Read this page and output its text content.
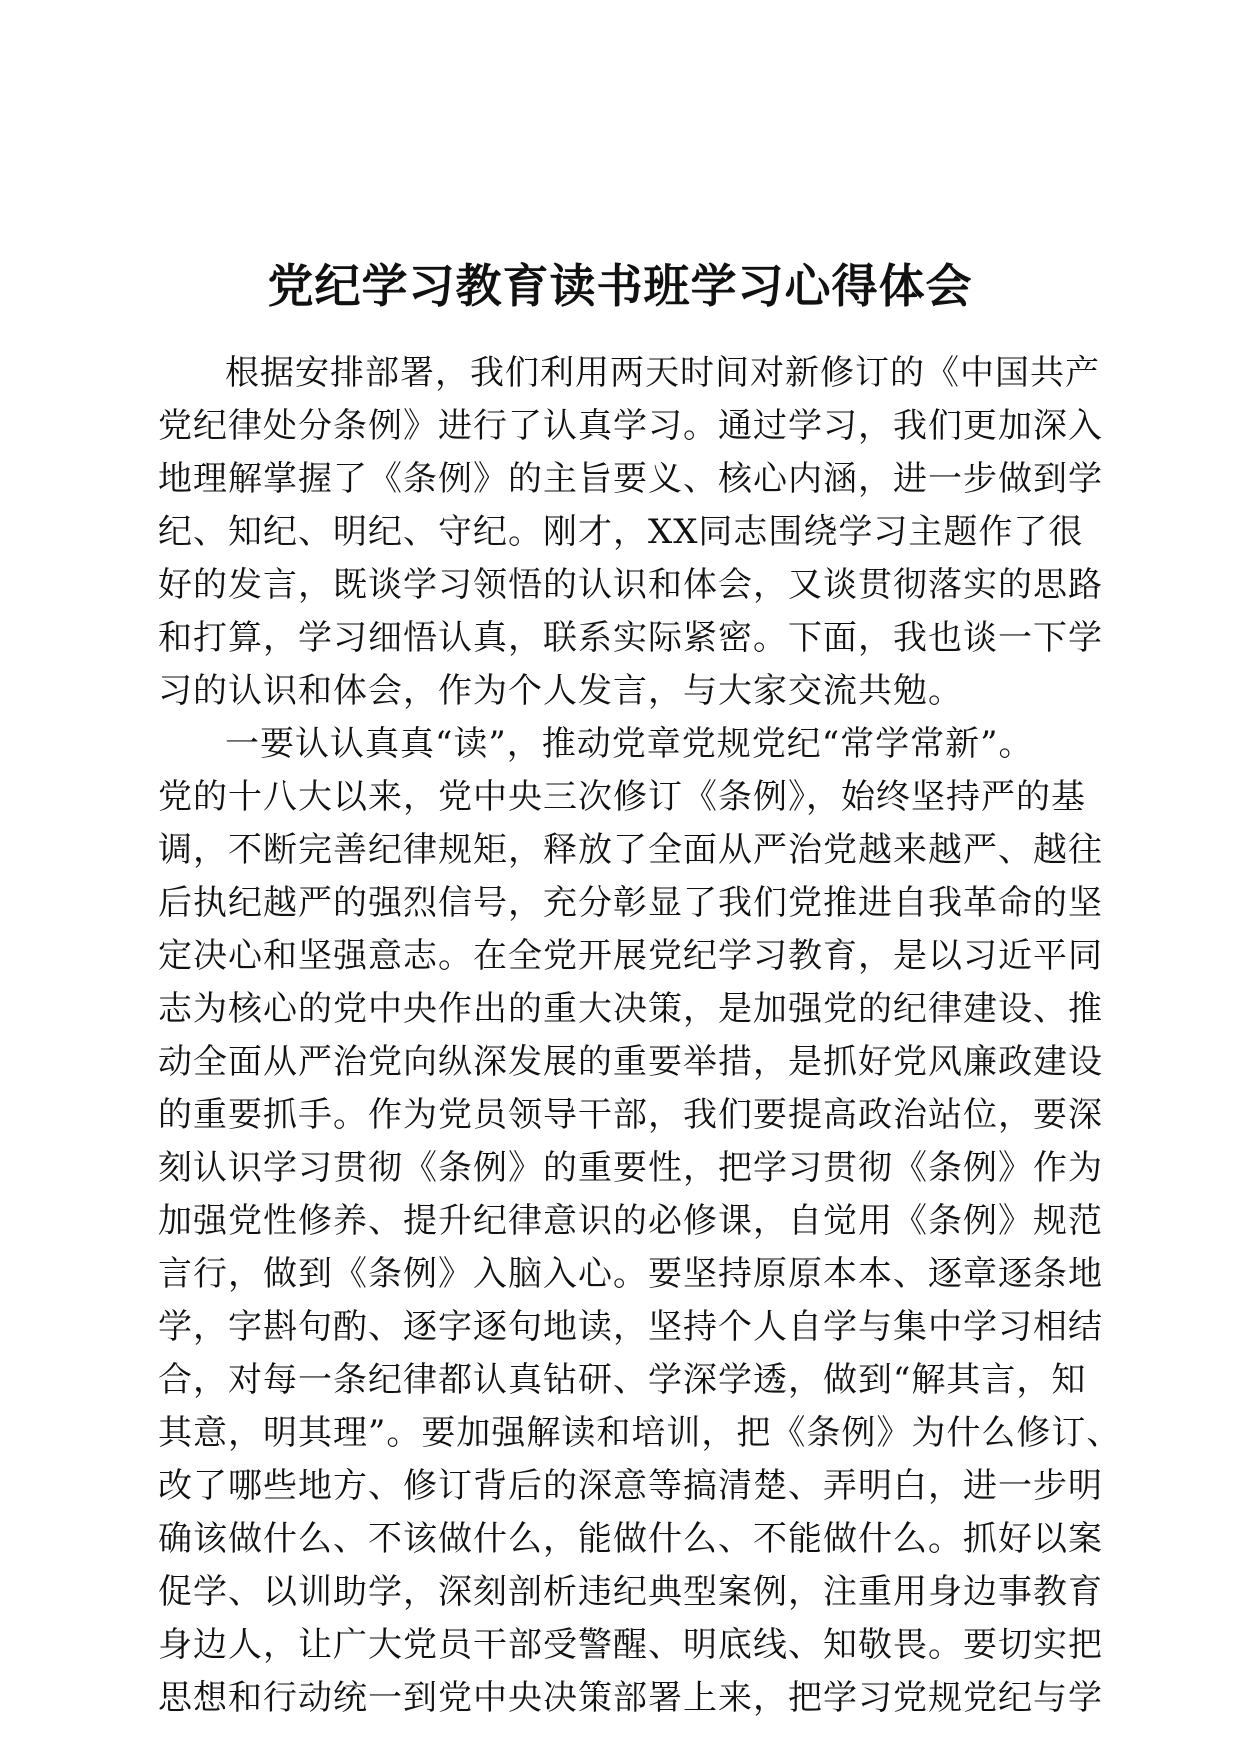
党纪学习教育读书班学习心得体会

根据安排部署，我们利用两天时间对新修订的《中国共产

党纪律处分条例》进行了认真学习。通过学习，我们更加深入

地理解掌握了《条例》的主旨要义、核心内涵，进一步做到学

纪、知纪、明纪、守纪。刚才，XX同志围绕学习主题作了很

好的发言，既谈学习领悟的认识和体会，又谈贯彻落实的思路

和打算，学习细悟认真，联系实际紧密。下面，我也谈一下学

习的认识和体会，作为个人发言，与大家交流共勉。

一要认认真真“读”，推动党章党规党纪“常学常新”。

党的十八大以来，党中央三次修订《条例》，始终坚持严的基

调，不断完善纪律规矩，释放了全面从严治党越来越严、越往

后执纪越严的强烈信号，充分彰显了我们党推进自我革命的坚

定决心和坚强意志。在全党开展党纪学习教育，是以习近平同

志为核心的党中央作出的重大决策，是加强党的纪律建设、推

动全面从严治党向纵深发展的重要举措，是抓好党风廉政建设

的重要抓手。作为党员领导干部，我们要提高政治站位，要深

刻认识学习贯彻《条例》的重要性，把学习贯彻《条例》作为

加强党性修养、提升纪律意识的必修课，自觉用《条例》规范

言行，做到《条例》入脑入心。要坚持原原本本、逐章逐条地

学，字斟句酌、逐字逐句地读，坚持个人自学与集中学习相结

合，对每一条纪律都认真钻研、学深学透，做到“解其言，知

其意，明其理”。要加强解读和培训，把《条例》为什么修订、

改了哪些地方、修订背后的深意等搞清楚、弄明白，进一步明

确该做什么、不该做什么，能做什么、不能做什么。抓好以案

促学、以训助学，深刻剖析违纪典型案例，注重用身边事教育

身边人，让广大党员干部受警醒、明底线、知敬畏。要切实把

思想和行动统一到党中央决策部署上来，把学习党规党纪与学
